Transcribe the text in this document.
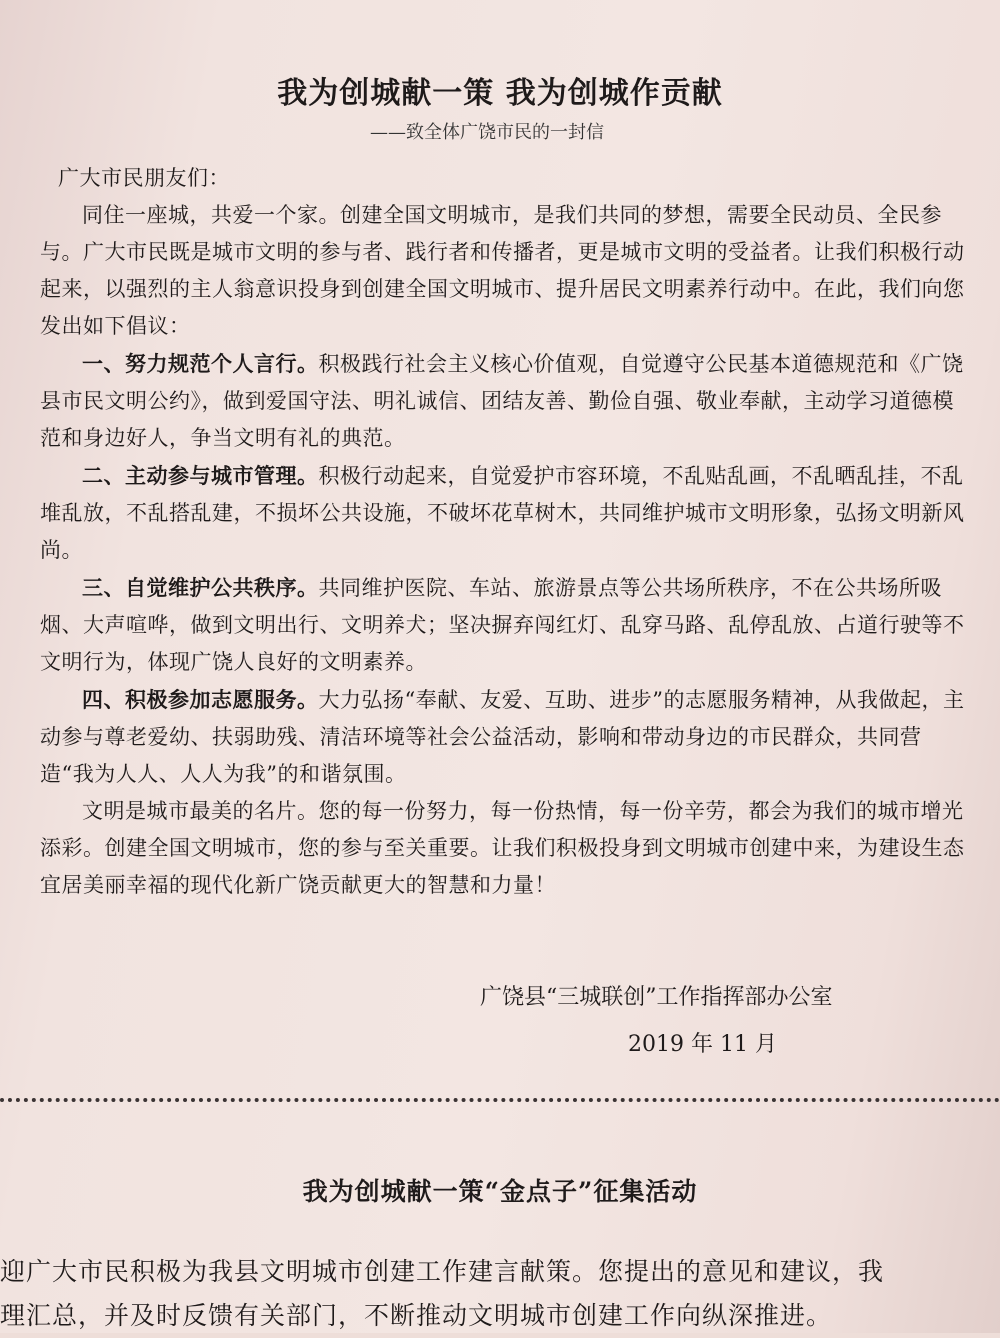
我为创城献一策 我为创城作贡献

——致全体广饶市民的一封信

广大市民朋友们：

同住一座城，共爱一个家。创建全国文明城市，是我们共同的梦想，需要全民动员、全民参与。广大市民既是城市文明的参与者、践行者和传播者，更是城市文明的受益者。让我们积极行动起来，以强烈的主人翁意识投身到创建全国文明城市、提升居民文明素养行动中。在此，我们向您发出如下倡议：

一、努力规范个人言行。积极践行社会主义核心价值观，自觉遵守公民基本道德规范和《广饶县市民文明公约》，做到爱国守法、明礼诚信、团结友善、勤俭自强、敬业奉献，主动学习道德模范和身边好人，争当文明有礼的典范。

二、主动参与城市管理。积极行动起来，自觉爱护市容环境，不乱贴乱画，不乱晒乱挂，不乱堆乱放，不乱搭乱建，不损坏公共设施，不破坏花草树木，共同维护城市文明形象，弘扬文明新风尚。

三、自觉维护公共秩序。共同维护医院、车站、旅游景点等公共场所秩序，不在公共场所吸烟、大声喧哗，做到文明出行、文明养犬；坚决摒弃闯红灯、乱穿马路、乱停乱放、占道行驶等不文明行为，体现广饶人良好的文明素养。

四、积极参加志愿服务。大力弘扬“奉献、友爱、互助、进步”的志愿服务精神，从我做起，主动参与尊老爱幼、扶弱助残、清洁环境等社会公益活动，影响和带动身边的市民群众，共同营造“我为人人、人人为我”的和谐氛围。

文明是城市最美的名片。您的每一份努力，每一份热情，每一份辛劳，都会为我们的城市增光添彩。创建全国文明城市，您的参与至关重要。让我们积极投身到文明城市创建中来，为建设生态宜居美丽幸福的现代化新广饶贡献更大的智慧和力量！

广饶县“三城联创”工作指挥部办公室

2019 年 11 月

我为创城献一策“金点子”征集活动

迎广大市民积极为我县文明城市创建工作建言献策。您提出的意见和建议，我

理汇总，并及时反馈有关部门，不断推动文明城市创建工作向纵深推进。
